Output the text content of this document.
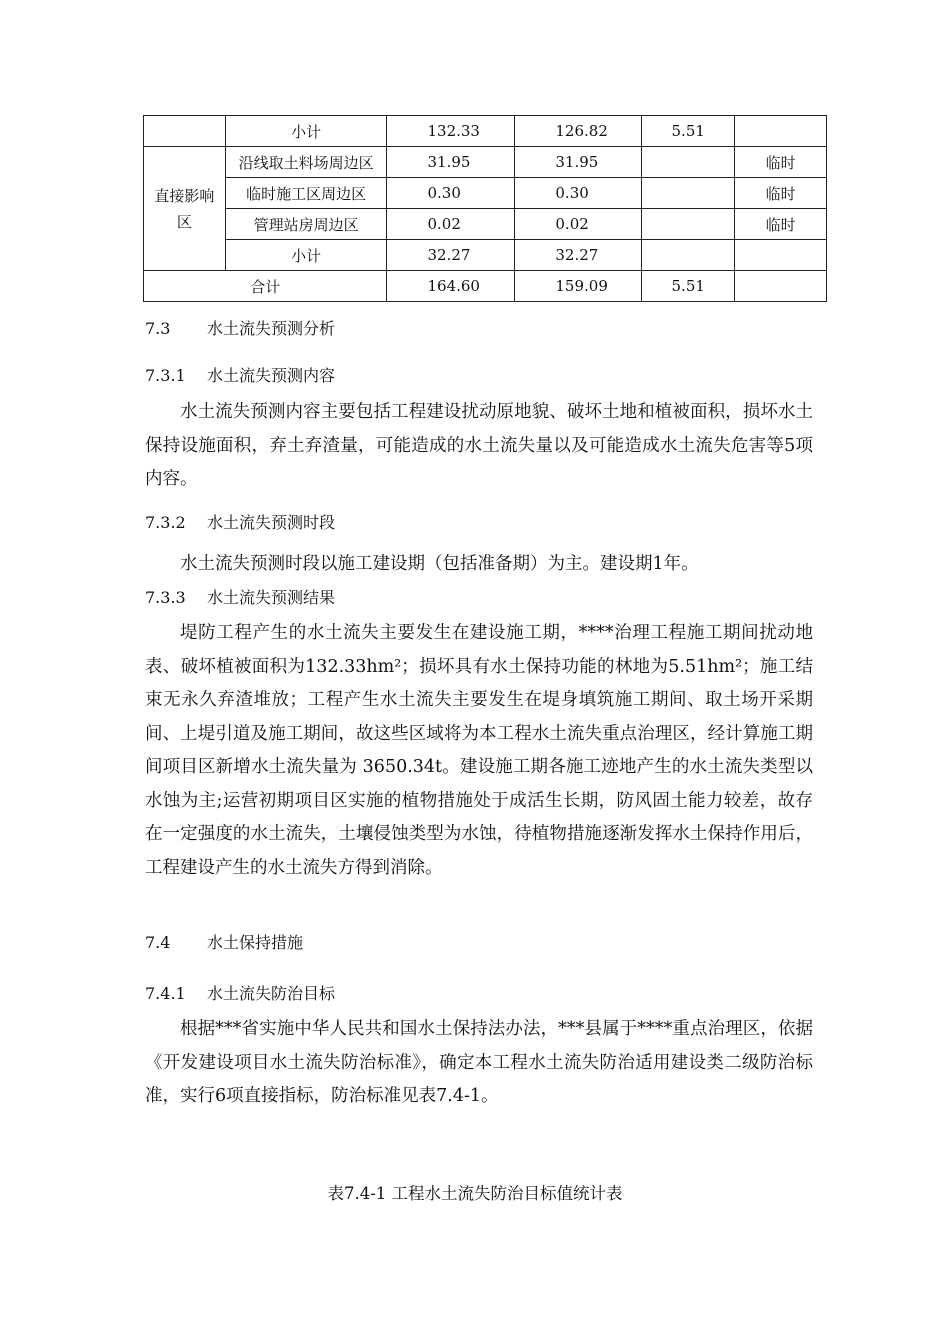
	小计	132.33	126.82	5.51	
直接影响区	沿线取土料场周边区	31.95	31.95		临时
	临时施工区周边区	0.30	0.30		临时
	管理站房周边区	0.02	0.02		临时
	小计	32.27	32.27		
合计		164.60	159.09	5.51	
7.3 水土流失预测分析
7.3.1 水土流失预测内容

水土流失预测内容主要包括工程建设扰动原地貌、破坏土地和植被面积，损坏水土保持设施面积，弃土弃渣量，可能造成的水土流失量以及可能造成水土流失危害等5项内容。

7.3.2 水土流失预测时段

水土流失预测时段以施工建设期（包括准备期）为主。建设期1年。

7.3.3 水土流失预测结果

堤防工程产生的水土流失主要发生在建设施工期，****治理工程施工期间扰动地表、破坏植被面积为132.33hm²；损坏具有水土保持功能的林地为5.51hm²；施工结束无永久弃渣堆放；工程产生水土流失主要发生在堤身填筑施工期间、取土场开采期间、上堤引道及施工期间，故这些区域将为本工程水土流失重点治理区，经计算施工期间项目区新增水土流失量为 3650.34t。建设施工期各施工迹地产生的水土流失类型以水蚀为主;运营初期项目区实施的植物措施处于成活生长期，防风固土能力较差，故存在一定强度的水土流失，土壤侵蚀类型为水蚀，待植物措施逐渐发挥水土保持作用后，工程建设产生的水土流失方得到消除。

7.4 水土保持措施
7.4.1 水土流失防治目标

根据***省实施中华人民共和国水土保持法办法，***县属于****重点治理区，依据《开发建设项目水土流失防治标准》，确定本工程水土流失防治适用建设类二级防治标准，实行6项直接指标，防治标准见表7.4-1。

表7.4-1 工程水土流失防治目标值统计表
